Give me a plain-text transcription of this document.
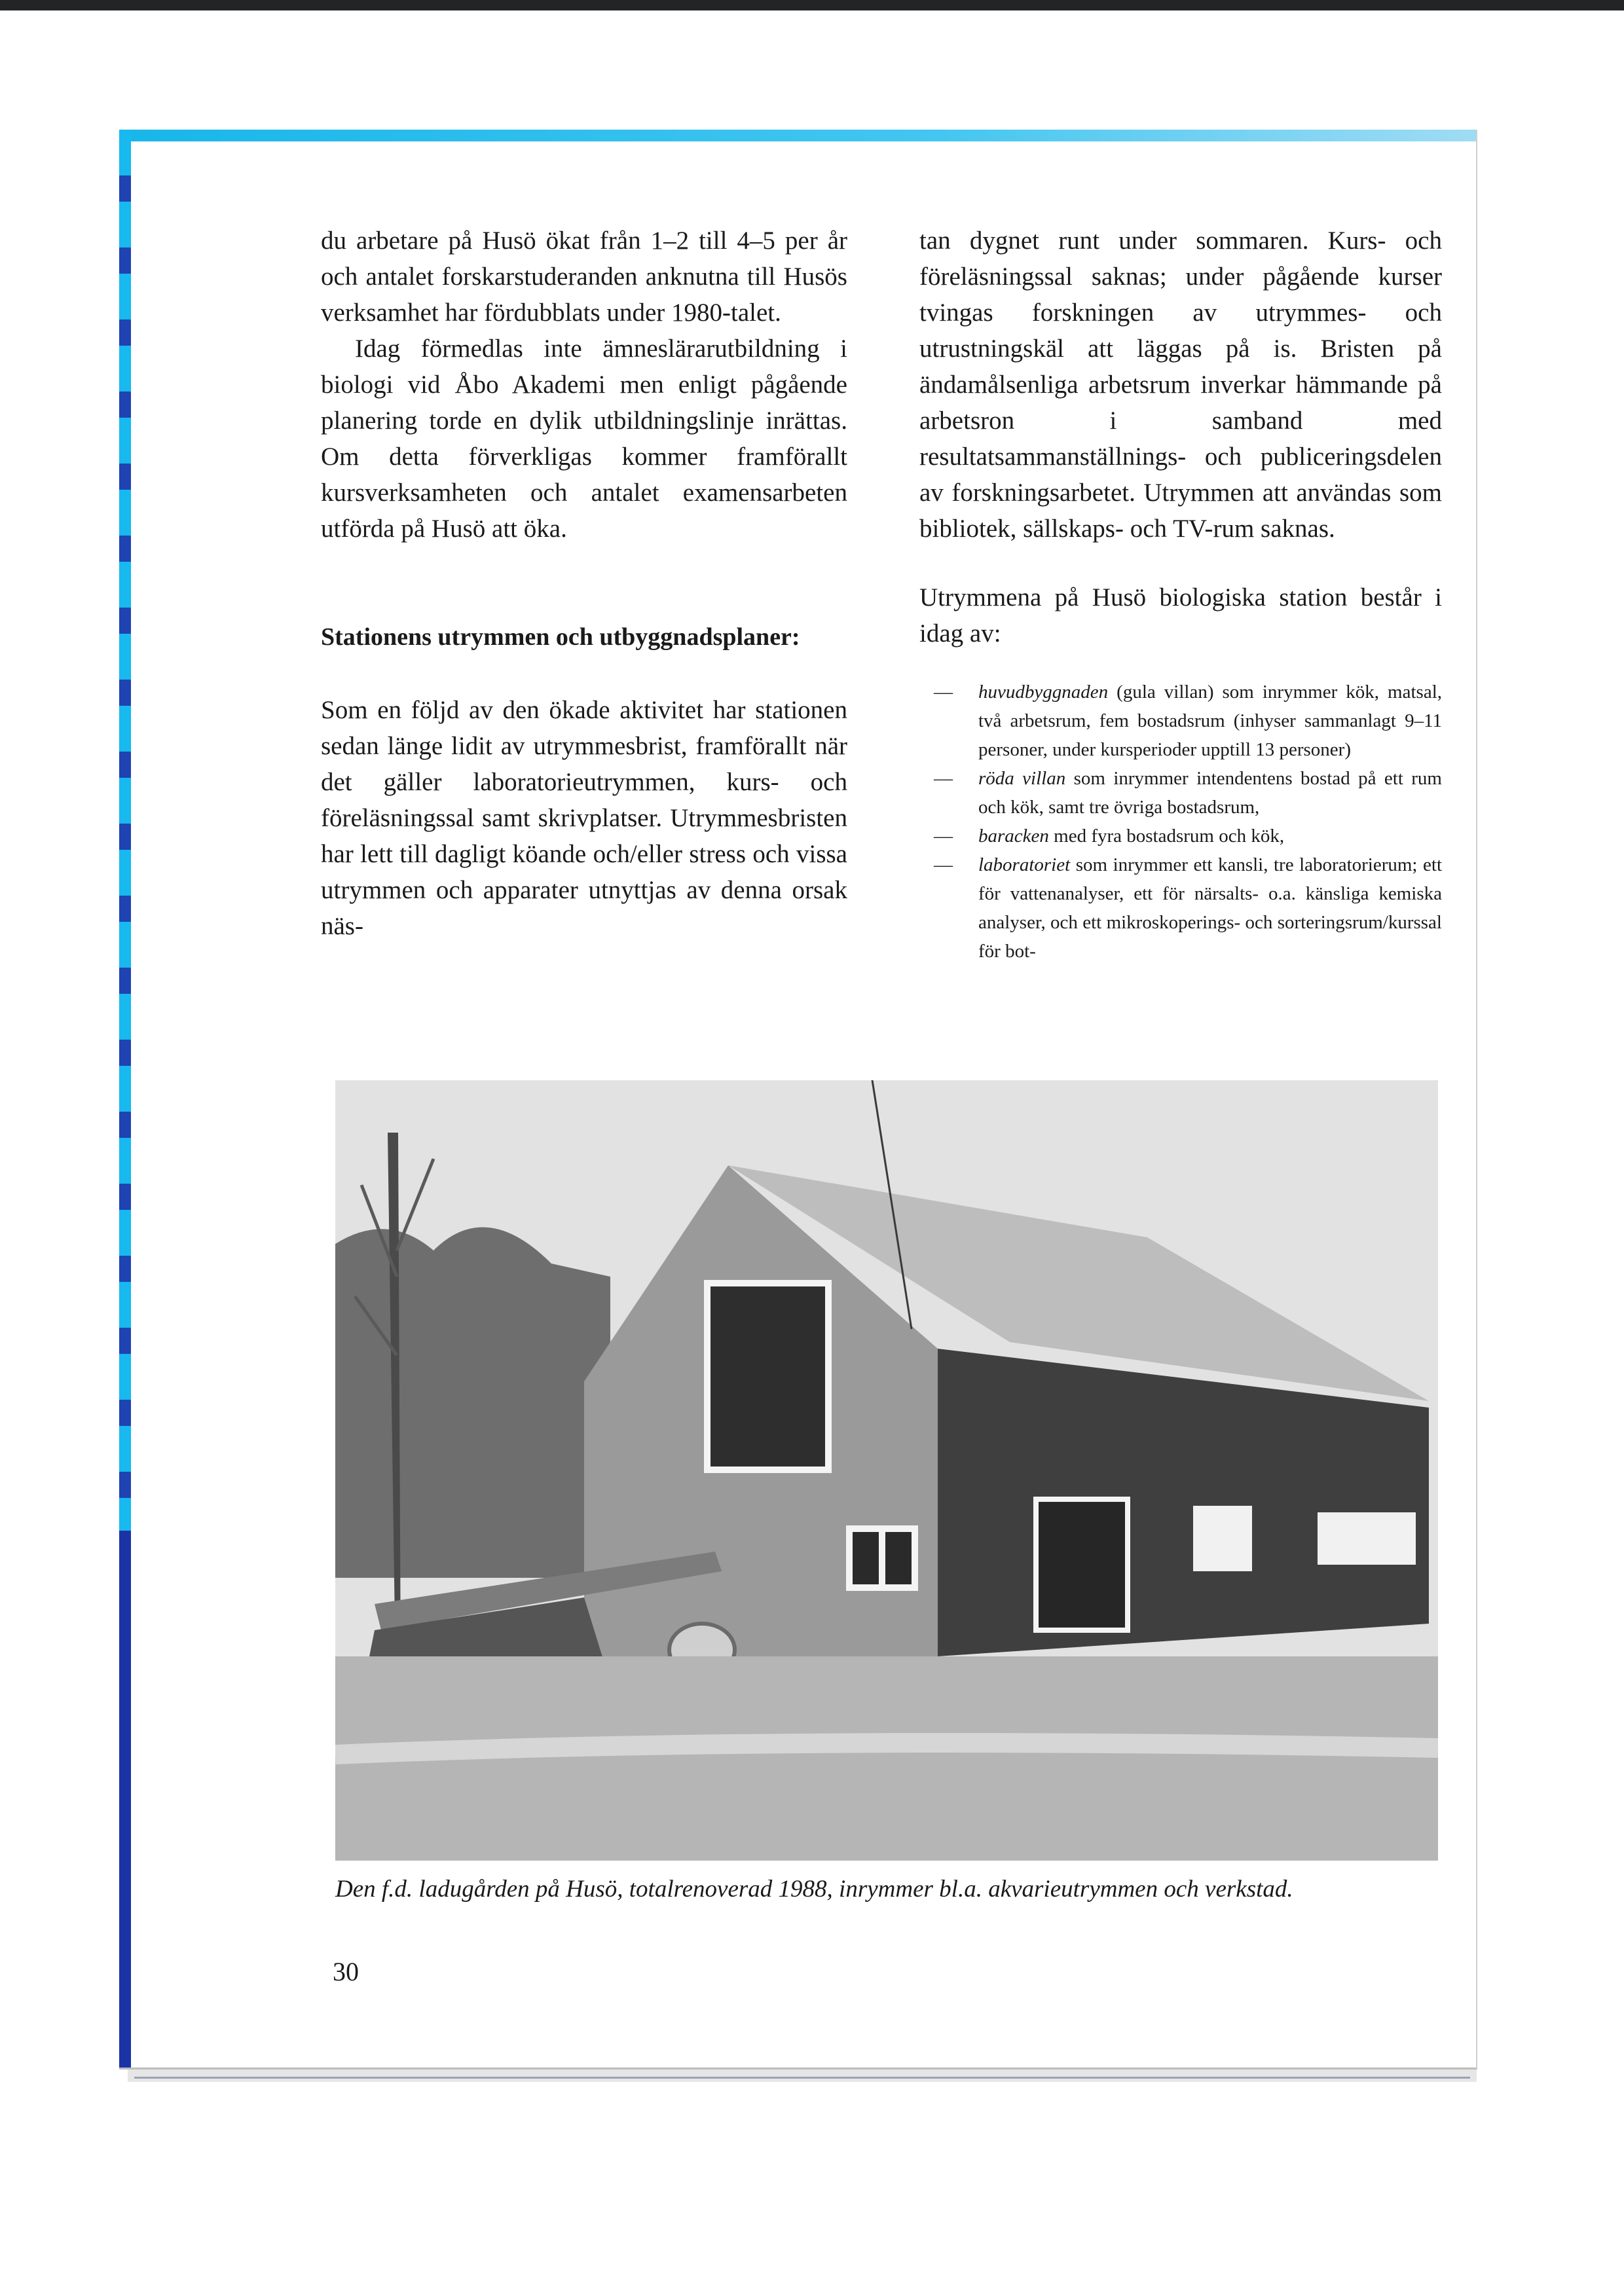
du arbetare på Husö ökat från 1–2 till 4–5 per år och antalet forskarstuderanden anknutna till Husös verksamhet har fördubblats under 1980-talet.

Idag förmedlas inte ämneslärarutbildning i biologi vid Åbo Akademi men enligt pågående planering torde en dylik utbildningslinje inrättas. Om detta förverkligas kommer framförallt kursverksamheten och antalet examensarbeten utförda på Husö att öka.

Stationens utrymmen och utbyggnadsplaner:

Som en följd av den ökade aktivitet har stationen sedan länge lidit av utrymmesbrist, framförallt när det gäller laboratorieutrymmen, kurs- och föreläsningssal samt skrivplatser. Utrymmesbristen har lett till dagligt köande och/eller stress och vissa utrymmen och apparater utnyttjas av denna orsak näs-

tan dygnet runt under sommaren. Kurs- och föreläsningssal saknas; under pågående kurser tvingas forskningen av utrymmes- och utrustningskäl att läggas på is. Bristen på ändamålsenliga arbetsrum inverkar hämmande på arbetsron i samband med resultatsammanställnings- och publiceringsdelen av forskningsarbetet. Utrymmen att användas som bibliotek, sällskaps- och TV-rum saknas.

Utrymmena på Husö biologiska station består i idag av:

— huvudbyggnaden (gula villan) som inrymmer kök, matsal, två arbetsrum, fem bostadsrum (inhyser sammanlagt 9–11 personer, under kursperioder upptill 13 personer)
— röda villan som inrymmer intendentens bostad på ett rum och kök, samt tre övriga bostadsrum,
— baracken med fyra bostadsrum och kök,
— laboratoriet som inrymmer ett kansli, tre laboratorierum; ett för vattenanalyser, ett för närsalts- o.a. känsliga kemiska analyser, och ett mikroskoperings- och sorteringsrum/kurssal för bot-
Den f.d. ladugården på Husö, totalrenoverad 1988, inrymmer bl.a. akvarieutrymmen och verkstad.
30
